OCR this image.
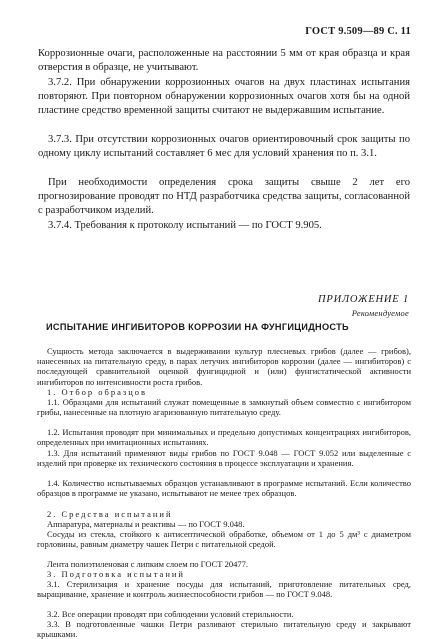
ГОСТ 9.509—89 С. 11

Коррозионные очаги, расположенные на расстоянии 5 мм от края образца и края отверстия в образце, не учитывают.

3.7.2. При обнаружении коррозионных очагов на двух пластинах испытания повторяют. При повторном обнаружении коррозионных очагов хотя бы на одной пластине средство временной защиты считают не выдержавшим испытание.

3.7.3. При отсутствии коррозионных очагов ориентировочный срок защиты по одному циклу испытаний составляет 6 мес для условий хранения по п. 3.1.

При необходимости определения срока защиты свыше 2 лет его прогнозирование проводят по НТД разработчика средства защиты, согласованной с разработчиком изделий.

3.7.4. Требования к протоколу испытаний — по ГОСТ 9.905.

ПРИЛОЖЕНИЕ 1
Рекомендуемое
ИСПЫТАНИЕ ИНГИБИТОРОВ КОРРОЗИИ НА ФУНГИЦИДНОСТЬ

Сущность метода заключается в выдерживании культур плесневых грибов (далее — грибов), нанесенных на питательную среду, в парах летучих ингибиторов коррозии (далее — ингибиторов) с последующей сравнительной оценкой фунгицидной и (или) фунгистатической активности ингибиторов по интенсивности роста грибов.

1. Отбор образцов

1.1. Образцами для испытаний служат помещенные в замкнутый объем совместно с ингибитором грибы, нанесенные на плотную агаризованную питательную среду.

1.2. Испытания проводят при минимальных и предельно допустимых концентрациях ингибиторов, определенных при имитационных испытаниях.

1.3. Для испытаний применяют виды грибов по ГОСТ 9.048 — ГОСТ 9.052 или выделенные с изделий при проверке их технического состояния в процессе эксплуатации и хранения.

1.4. Количество испытываемых образцов устанавливают в программе испытаний. Если количество образцов в программе не указано, испытывают не менее трех образцов.

2. Средства испытаний

Аппаратура, материалы и реактивы — по ГОСТ 9.048.

Сосуды из стекла, стойкого к антисептической обработке, объемом от 1 до 5 дм³ с диаметром горловины, равным диаметру чашек Петри с питательной средой.

Лента полиэтиленовая с липким слоем по ГОСТ 20477.

3. Подготовка испытаний

3.1. Стерилизация и хранение посуды для испытаний, приготовление питательных сред, выращивание, хранение и контроль жизнеспособности грибов — по ГОСТ 9.048.

3.2. Все операции проводят при соблюдении условий стерильности.

3.3. В подготовленные чашки Петри разливают стерильно питательную среду и закрывают крышками.
